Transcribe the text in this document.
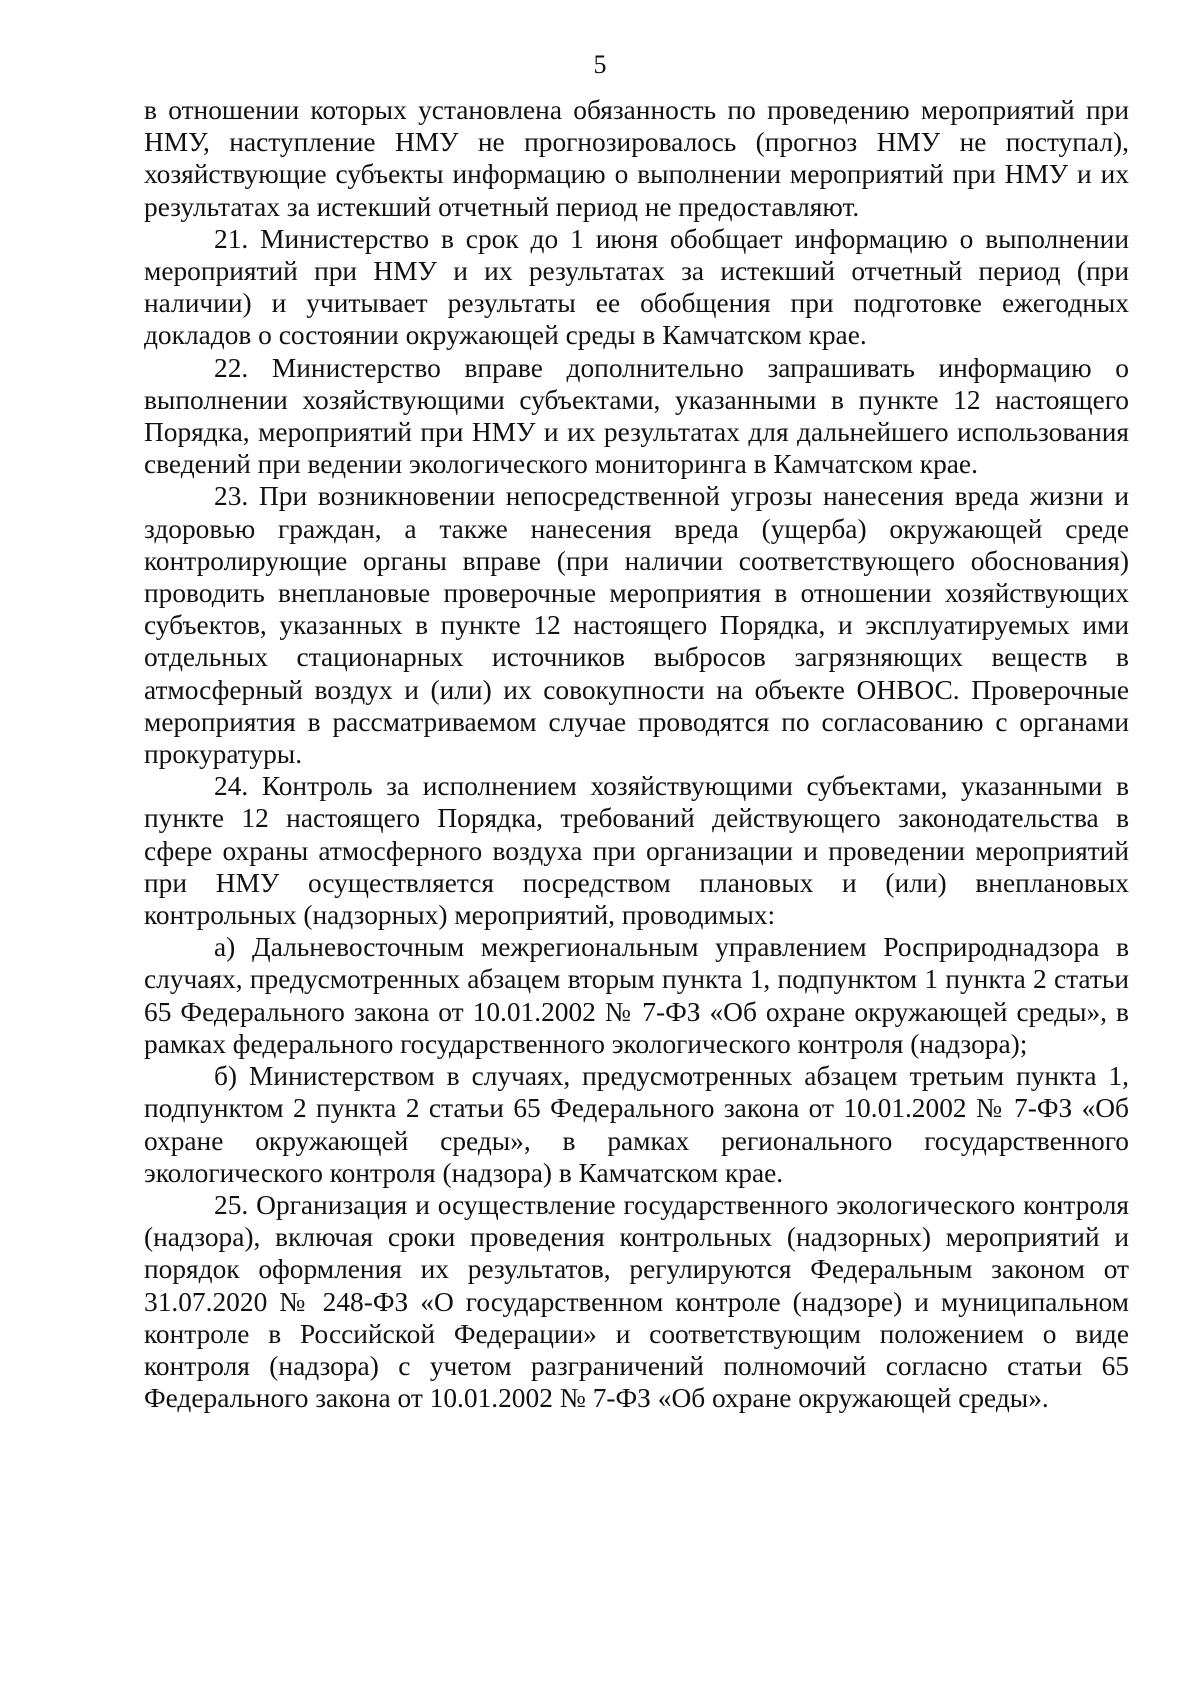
5

в отношении которых установлена обязанность по проведению мероприятий при НМУ, наступление НМУ не прогнозировалось (прогноз НМУ не поступал), хозяйствующие субъекты информацию о выполнении мероприятий при НМУ и их результатах за истекший отчетный период не предоставляют.

21. Министерство в срок до 1 июня обобщает информацию о выполнении мероприятий при НМУ и их результатах за истекший отчетный период (при наличии) и учитывает результаты ее обобщения при подготовке ежегодных докладов о состоянии окружающей среды в Камчатском крае.

22. Министерство вправе дополнительно запрашивать информацию о выполнении хозяйствующими субъектами, указанными в пункте 12 настоящего Порядка, мероприятий при НМУ и их результатах для дальнейшего использования сведений при ведении экологического мониторинга в Камчатском крае.

23. При возникновении непосредственной угрозы нанесения вреда жизни и здоровью граждан, а также нанесения вреда (ущерба) окружающей среде контролирующие органы вправе (при наличии соответствующего обоснования) проводить внеплановые проверочные мероприятия в отношении хозяйствующих субъектов, указанных в пункте 12 настоящего Порядка, и эксплуатируемых ими отдельных стационарных источников выбросов загрязняющих веществ в атмосферный воздух и (или) их совокупности на объекте ОНВОС. Проверочные мероприятия в рассматриваемом случае проводятся по согласованию с органами прокуратуры.

24. Контроль за исполнением хозяйствующими субъектами, указанными в пункте 12 настоящего Порядка, требований действующего законодательства в сфере охраны атмосферного воздуха при организации и проведении мероприятий при НМУ осуществляется посредством плановых и (или) внеплановых контрольных (надзорных) мероприятий, проводимых:

а) Дальневосточным межрегиональным управлением Росприроднадзора в случаях, предусмотренных абзацем вторым пункта 1, подпунктом 1 пункта 2 статьи 65 Федерального закона от 10.01.2002 № 7-ФЗ «Об охране окружающей среды», в рамках федерального государственного экологического контроля (надзора);

б) Министерством в случаях, предусмотренных абзацем третьим пункта 1, подпунктом 2 пункта 2 статьи 65 Федерального закона от 10.01.2002 № 7-ФЗ «Об охране окружающей среды», в рамках регионального государственного экологического контроля (надзора) в Камчатском крае.

25. Организация и осуществление государственного экологического контроля (надзора), включая сроки проведения контрольных (надзорных) мероприятий и порядок оформления их результатов, регулируются Федеральным законом от 31.07.2020 № 248-ФЗ «О государственном контроле (надзоре) и муниципальном контроле в Российской Федерации» и соответствующим положением о виде контроля (надзора) с учетом разграничений полномочий согласно статьи 65 Федерального закона от 10.01.2002 № 7-ФЗ «Об охране окружающей среды».
